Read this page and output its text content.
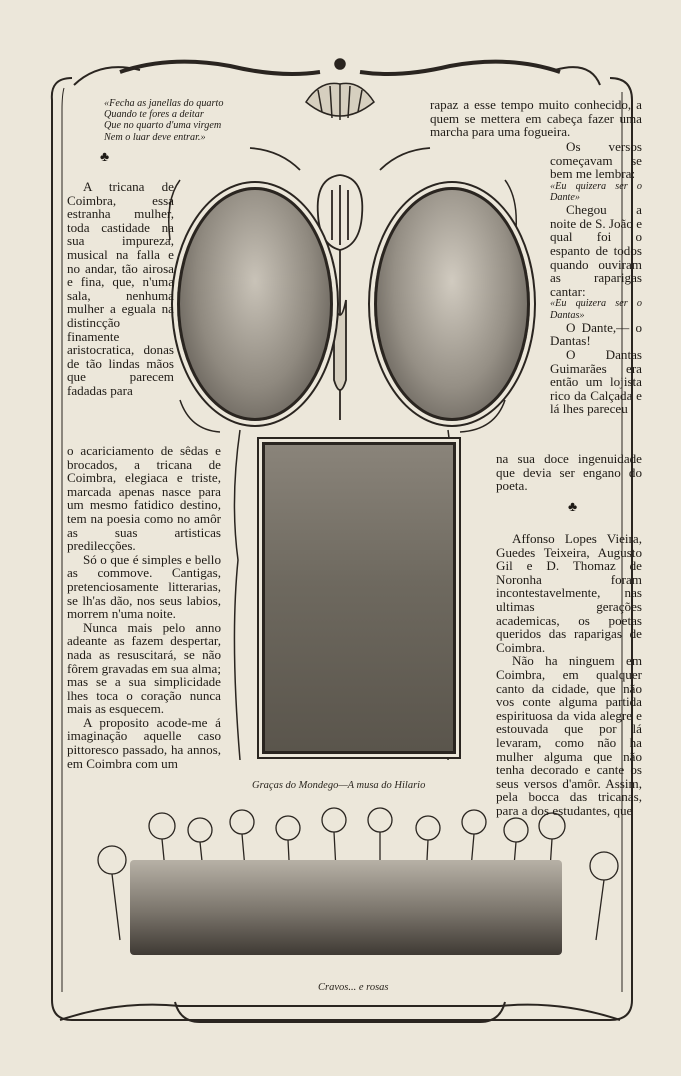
«Fecha as janellas do quarto
Quando te fores a deitar
Que no quarto d'uma virgem
Nem o luar deve entrar.»
♣
♣

A tricana de Coimbra, essa estranha mulher, toda castidade na sua impureza, musical na falla e no andar, tão airosa e fina, que, n'uma sala, nenhuma mulher a eguala na distincção finamente aristocratica, donas de tão lindas mãos que parecem fadadas para

o acariciamento de sêdas e brocados, a tricana de Coimbra, elegiaca e triste, marcada apenas nasce para um mesmo fatidico destino, tem na poesia como no amôr as suas artisticas predilecções.

Só o que é simples e bello as commove. Cantigas, pretenciosamente litterarias, se lh'as dão, nos seus labios, morrem n'uma noite.

Nunca mais pelo anno adeante as fazem despertar, nada as resuscitará, se não fôrem gravadas em sua alma; mas se a sua simplicidade lhes toca o coração nunca mais as esquecem.

A proposito acode-me á imaginação aquelle caso pittoresco passado, ha annos, em Coimbra com um

rapaz a esse tempo muito conhecido, a quem se mettera em cabeça fazer uma marcha para uma fogueira.

Os versos começavam se bem me lembra:

«Eu quizera ser o Dante»

Chegou a noite de S. João e qual foi o espanto de todos quando ouviram as raparigas cantar:

«Eu quizera ser o Dantas»

O Dante,— o Dantas!

O Dantas Guimarães era então um lojista rico da Calçada e lá lhes pareceu

na sua doce ingenuidade que devia ser engano do poeta.

Affonso Lopes Vieira, Guedes Teixeira, Augusto Gil e D. Thomaz de Noronha foram incontestavelmente, nas ultimas gerações academicas, os poetas queridos das raparigas de Coimbra.

Não ha ninguem em Coimbra, em qualquer canto da cidade, que não vos conte alguma partida espirituosa da vida alegre e estouvada que por lá levaram, como não ha mulher alguma que não tenha decorado e cante os seus versos d'amôr. Assim, pela bocca das tricanas, para a dos estudantes, que

Graças do Mondego—A musa do Hilario
Cravos... e rosas
